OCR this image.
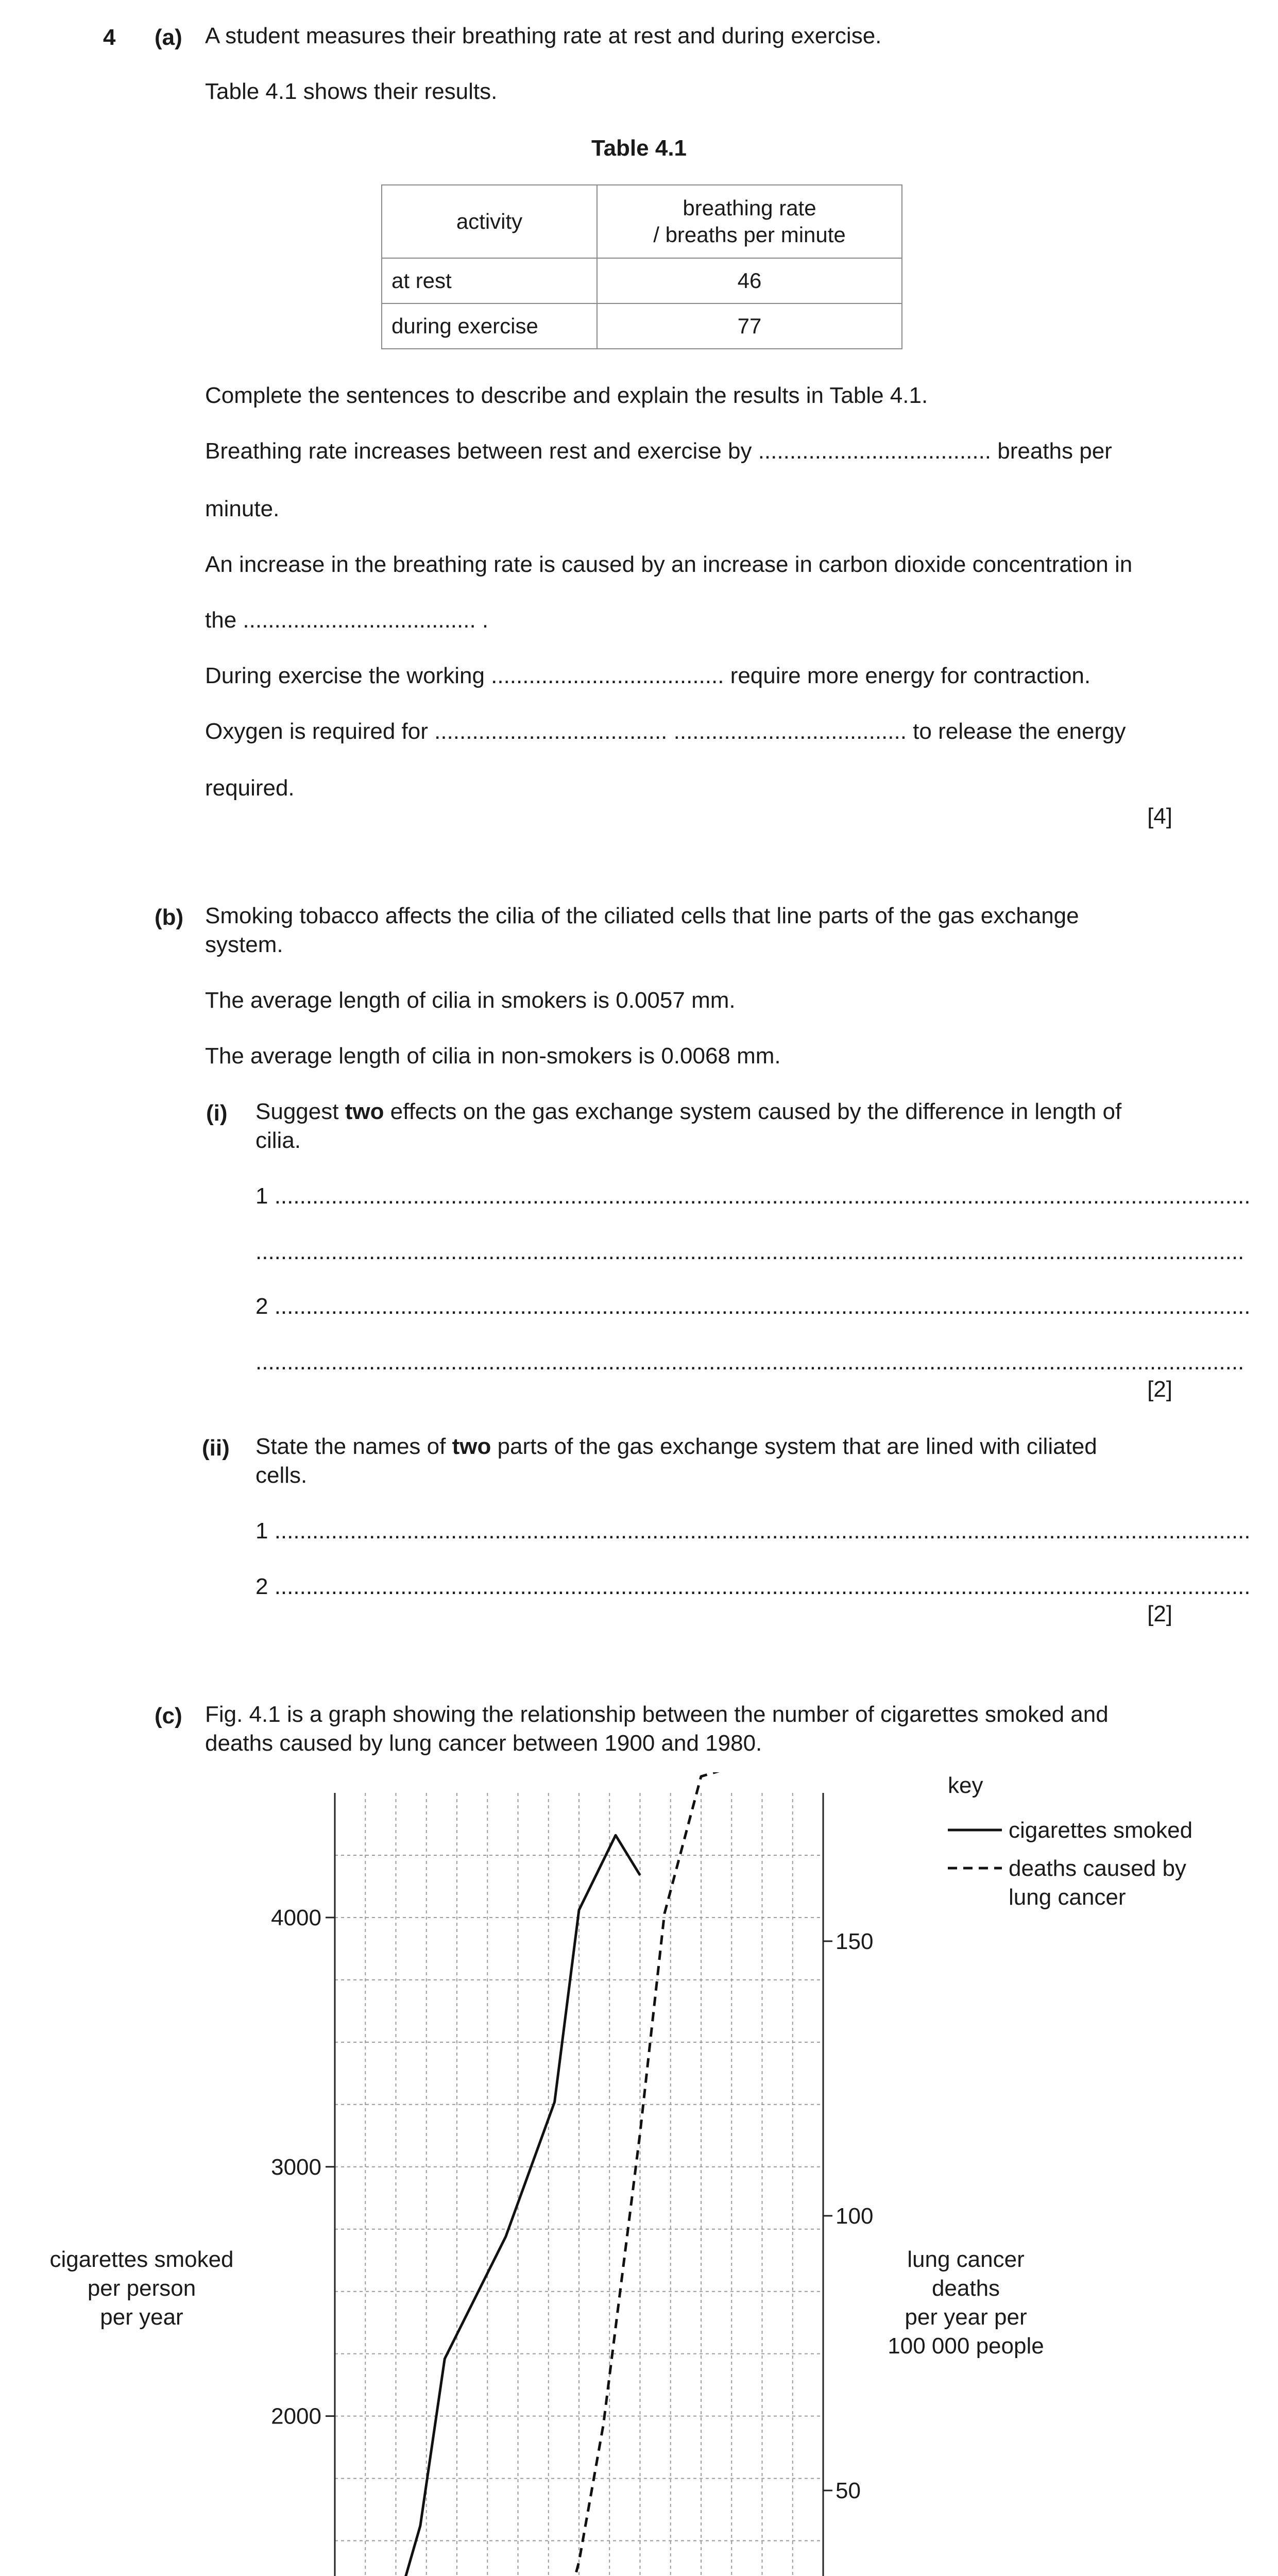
4 (a) A student measures their breathing rate at rest and during exercise.
Table 4.1 shows their results.
Table 4.1
activity	breathing rate
/ breaths per minute
at rest	46
during exercise	77
Complete the sentences to describe and explain the results in Table 4.1.
Breathing rate increases between rest and exercise by ..................................... breaths per
minute.
An increase in the breathing rate is caused by an increase in carbon dioxide concentration in
the ..................................... .
During exercise the working ..................................... require more energy for contraction.
Oxygen is required for ..................................... ..................................... to release the energy
required.
[4]
(b) Smoking tobacco affects the cilia of the ciliated cells that line parts of the gas exchange
system.
The average length of cilia in smokers is 0.0057 mm.
The average length of cilia in non-smokers is 0.0068 mm.
(i) Suggest two effects on the gas exchange system caused by the difference in length of
cilia.
1 ...........................................................................................................................................................
.............................................................................................................................................................
2 ...........................................................................................................................................................
.............................................................................................................................................................
[2]
(ii) State the names of two parts of the gas exchange system that are lined with ciliated
cells.
1 ...........................................................................................................................................................
2 ...........................................................................................................................................................
[2]
(c) Fig. 4.1 is a graph showing the relationship between the number of cigarettes smoked and
deaths caused by lung cancer between 1900 and 1980.
2000
3000
4000
50
100
150
cigarettes smoked
per person
per year
lung cancer
deaths
per year per
100 000 people
key
cigarettes smoked
deaths caused by
lung cancer
